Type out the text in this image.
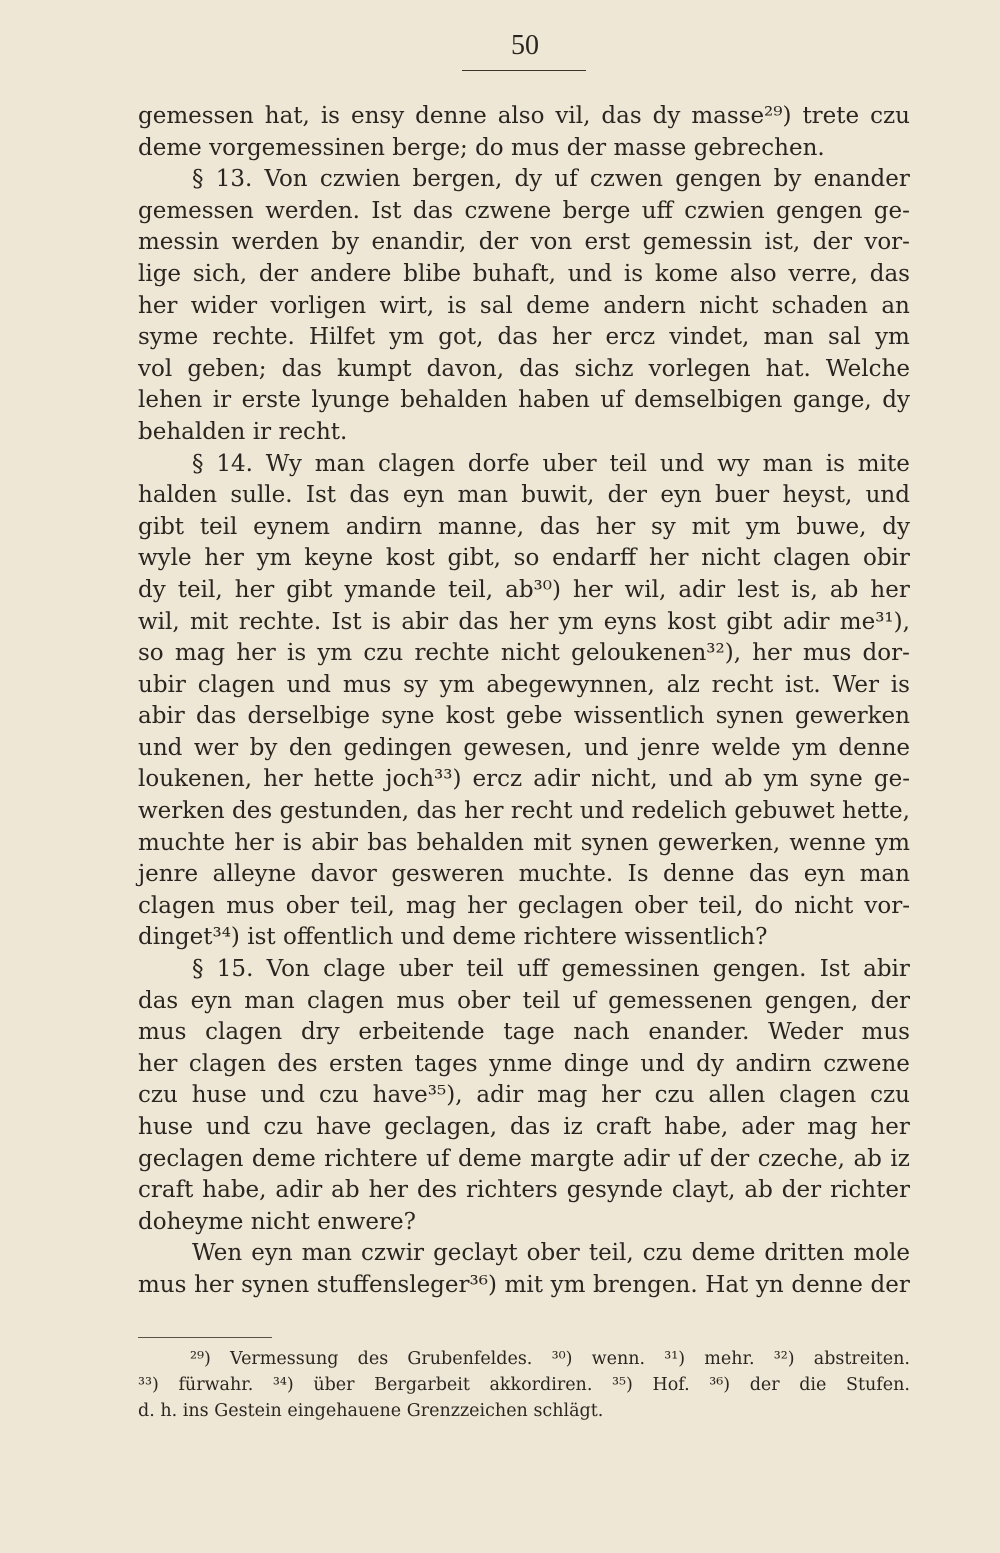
50
gemessen hat, is ensy denne also vil, das dy masse²⁹) trete czu
deme vorgemessinen berge; do mus der masse gebrechen.
§ 13. Von czwien bergen, dy uf czwen gengen by enander
gemessen werden. Ist das czwene berge uff czwien gengen ge-
messin werden by enandir, der von erst gemessin ist, der vor-
lige sich, der andere blibe buhaft, und is kome also verre, das
her wider vorligen wirt, is sal deme andern nicht schaden an
syme rechte. Hilfet ym got, das her ercz vindet, man sal ym
vol geben; das kumpt davon, das sichz vorlegen hat. Welche
lehen ir erste lyunge behalden haben uf demselbigen gange, dy
behalden ir recht.
§ 14. Wy man clagen dorfe uber teil und wy man is mite
halden sulle. Ist das eyn man buwit, der eyn buer heyst, und
gibt teil eynem andirn manne, das her sy mit ym buwe, dy
wyle her ym keyne kost gibt, so endarff her nicht clagen obir
dy teil, her gibt ymande teil, ab³⁰) her wil, adir lest is, ab her
wil, mit rechte. Ist is abir das her ym eyns kost gibt adir me³¹),
so mag her is ym czu rechte nicht geloukenen³²), her mus dor-
ubir clagen und mus sy ym abegewynnen, alz recht ist. Wer is
abir das derselbige syne kost gebe wissentlich synen gewerken
und wer by den gedingen gewesen, und jenre welde ym denne
loukenen, her hette joch³³) ercz adir nicht, und ab ym syne ge-
werken des gestunden, das her recht und redelich gebuwet hette,
muchte her is abir bas behalden mit synen gewerken, wenne ym
jenre alleyne davor gesweren muchte. Is denne das eyn man
clagen mus ober teil, mag her geclagen ober teil, do nicht vor-
dinget³⁴) ist offentlich und deme richtere wissentlich?
§ 15. Von clage uber teil uff gemessinen gengen. Ist abir
das eyn man clagen mus ober teil uf gemessenen gengen, der
mus clagen dry erbeitende tage nach enander. Weder mus
her clagen des ersten tages ynme dinge und dy andirn czwene
czu huse und czu have³⁵), adir mag her czu allen clagen czu
huse und czu have geclagen, das iz craft habe, ader mag her
geclagen deme richtere uf deme margte adir uf der czeche, ab iz
craft habe, adir ab her des richters gesynde clayt, ab der richter
doheyme nicht enwere?
Wen eyn man czwir geclayt ober teil, czu deme dritten mole
mus her synen stuffensleger³⁶) mit ym brengen. Hat yn denne der
²⁹) Vermessung des Grubenfeldes. ³⁰) wenn. ³¹) mehr. ³²) abstreiten.
³³) fürwahr. ³⁴) über Bergarbeit akkordiren. ³⁵) Hof. ³⁶) der die Stufen.
d. h. ins Gestein eingehauene Grenzzeichen schlägt.
